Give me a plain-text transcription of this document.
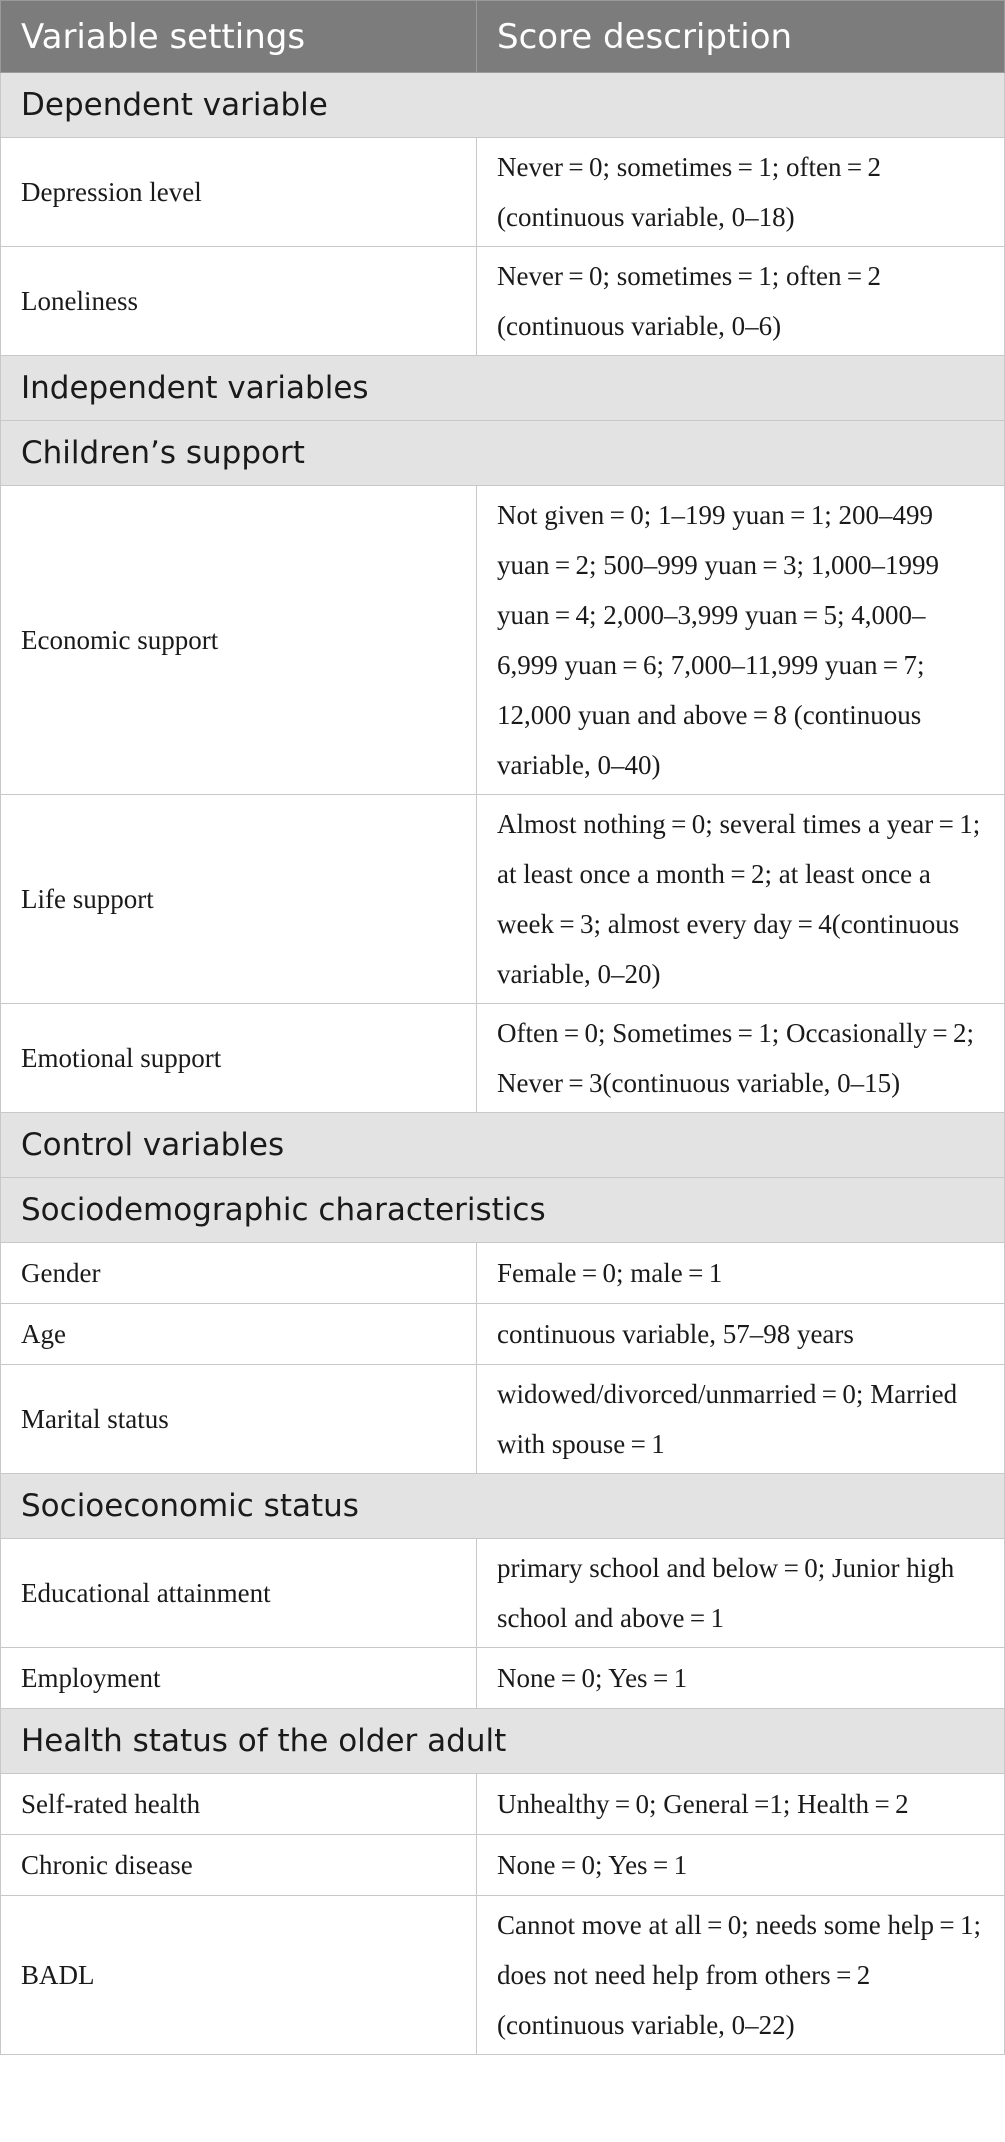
Variable settings	Score description
Dependent variable	
Depression level	Never = 0; sometimes = 1; often = 2 (continuous variable, 0–18)
Loneliness	Never = 0; sometimes = 1; often = 2 (continuous variable, 0–6)
Independent variables	
Children’s support	
Economic support	Not given = 0; 1–199 yuan = 1; 200–499 yuan = 2; 500–999 yuan = 3; 1,000–1999 yuan = 4; 2,000–3,999 yuan = 5; 4,000–6,999 yuan = 6; 7,000–11,999 yuan = 7; 12,000 yuan and above = 8 (continuous variable, 0–40)
Life support	Almost nothing = 0; several times a year = 1; at least once a month = 2; at least once a week = 3; almost every day = 4(continuous variable, 0–20)
Emotional support	Often = 0; Sometimes = 1; Occasionally = 2; Never = 3(continuous variable, 0–15)
Control variables	
Sociodemographic characteristics	
Gender	Female = 0; male = 1
Age	continuous variable, 57–98 years
Marital status	widowed/divorced/unmarried = 0; Married with spouse = 1
Socioeconomic status	
Educational attainment	primary school and below = 0; Junior high school and above = 1
Employment	None = 0; Yes = 1
Health status of the older adult	
Self-rated health	Unhealthy = 0; General =1; Health = 2
Chronic disease	None = 0; Yes = 1
BADL	Cannot move at all = 0; needs some help = 1; does not need help from others = 2 (continuous variable, 0–22)
